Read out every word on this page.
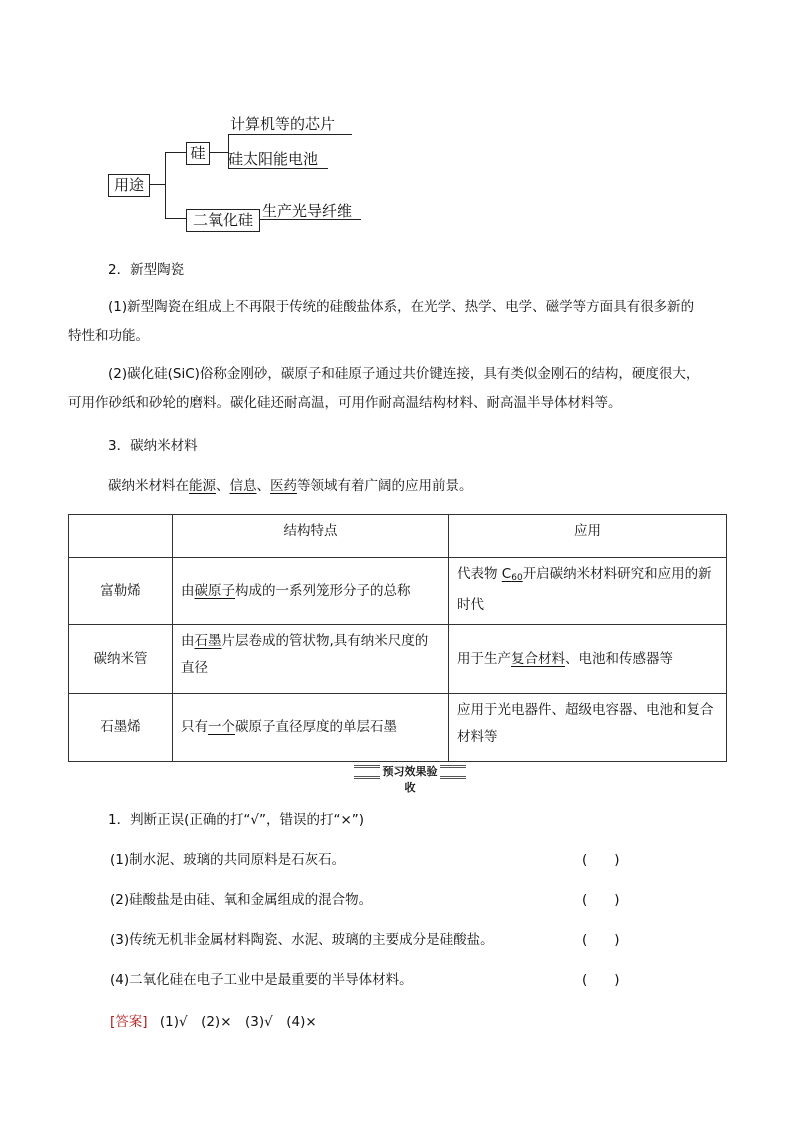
用途
硅
二氧化硅
计算机等的芯片
硅太阳能电池
生产光导纤维
2．新型陶瓷
(1)新型陶瓷在组成上不再限于传统的硅酸盐体系，在光学、热学、电学、磁学等方面具有很多新的
特性和功能。
(2)碳化硅(SiC)俗称金刚砂，碳原子和硅原子通过共价键连接，具有类似金刚石的结构，硬度很大，
可用作砂纸和砂轮的磨料。碳化硅还耐高温，可用作耐高温结构材料、耐高温半导体材料等。
3．碳纳米材料
碳纳米材料在能源、信息、医药等领域有着广阔的应用前景。
	结构特点	应用
富勒烯	由碳原子构成的一系列笼形分子的总称	代表物 $C_{60}$开启碳纳米材料研究和应用的新时代
碳纳米管	由石墨片层卷成的管状物,具有纳米尺度的直径	用于生产复合材料、电池和传感器等
石墨烯	只有一个碳原子直径厚度的单层石墨	应用于光电器件、超级电容器、电池和复合材料等
预习效果验收
1．判断正误(正确的打“√”，错误的打“×”)
(1)制水泥、玻璃的共同原料是石灰石。	(　　)
(2)硅酸盐是由硅、氧和金属组成的混合物。	(　　)
(3)传统无机非金属材料陶瓷、水泥、玻璃的主要成分是硅酸盐。	(　　)
(4)二氧化硅在电子工业中是最重要的半导体材料。	(　　)
[答案] (1)√　(2)×　(3)√　(4)×
